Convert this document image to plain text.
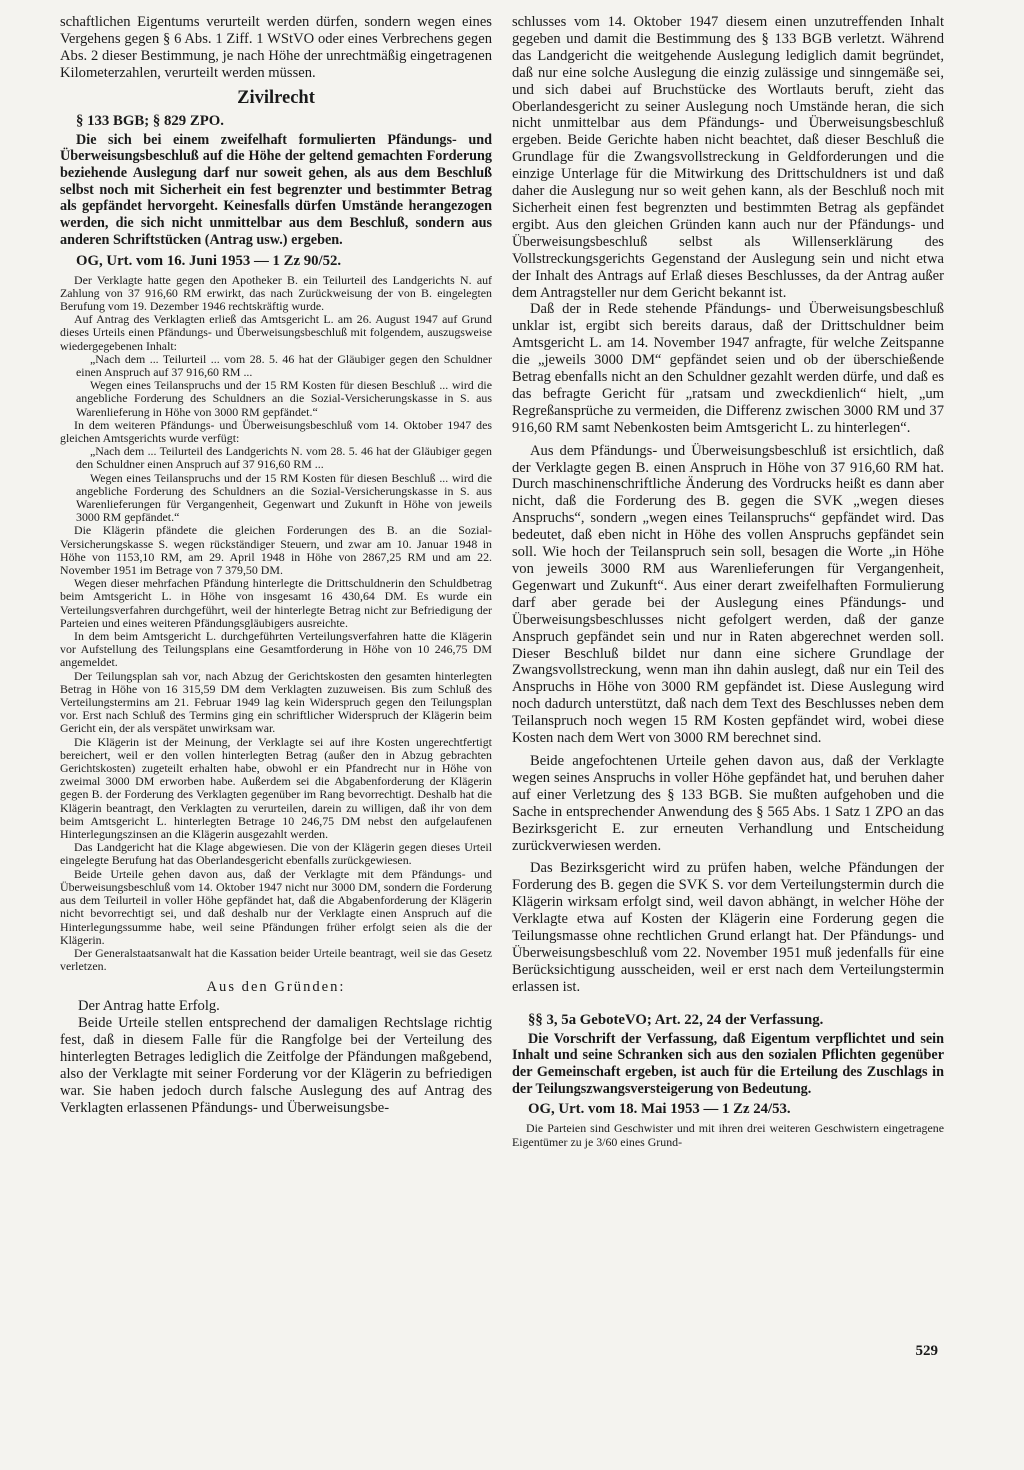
schaftlichen Eigentums verurteilt werden dürfen, sondern wegen eines Vergehens gegen § 6 Abs. 1 Ziff. 1 WStVO oder eines Verbrechens gegen Abs. 2 dieser Bestimmung, je nach Höhe der unrechtmäßig eingetragenen Kilometerzahlen, verurteilt werden müssen.

Zivilrecht
§ 133 BGB; § 829 ZPO.

Die sich bei einem zweifelhaft formulierten Pfändungs- und Überweisungsbeschluß auf die Höhe der geltend gemachten Forderung beziehende Auslegung darf nur soweit gehen, als aus dem Beschluß selbst noch mit Sicherheit ein fest begrenzter und bestimmter Betrag als gepfändet hervorgeht. Keinesfalls dürfen Umstände herangezogen werden, die sich nicht unmittelbar aus dem Beschluß, sondern aus anderen Schriftstücken (Antrag usw.) ergeben.

OG, Urt. vom 16. Juni 1953 — 1 Zz 90/52.

Der Verklagte hatte gegen den Apotheker B. ein Teilurteil des Landgerichts N. auf Zahlung von 37 916,60 RM erwirkt, das nach Zurückweisung der von B. eingelegten Berufung vom 19. Dezember 1946 rechtskräftig wurde.

Auf Antrag des Verklagten erließ das Amtsgericht L. am 26. August 1947 auf Grund dieses Urteils einen Pfändungs- und Überweisungsbeschluß mit folgendem, auszugsweise wiedergegebenen Inhalt:

„Nach dem ... Teilurteil ... vom 28. 5. 46 hat der Gläubiger gegen den Schuldner einen Anspruch auf 37 916,60 RM ...

Wegen eines Teilanspruchs und der 15 RM Kosten für diesen Beschluß ... wird die angebliche Forderung des Schuldners an die Sozial-Versicherungskasse in S. aus Warenlieferung in Höhe von 3000 RM gepfändet.“

In dem weiteren Pfändungs- und Überweisungsbeschluß vom 14. Oktober 1947 des gleichen Amtsgerichts wurde verfügt:

„Nach dem ... Teilurteil des Landgerichts N. vom 28. 5. 46 hat der Gläubiger gegen den Schuldner einen Anspruch auf 37 916,60 RM ...

Wegen eines Teilanspruchs und der 15 RM Kosten für diesen Beschluß ... wird die angebliche Forderung des Schuldners an die Sozial-Versicherungskasse in S. aus Warenlieferungen für Vergangenheit, Gegenwart und Zukunft in Höhe von jeweils 3000 RM gepfändet.“

Die Klägerin pfändete die gleichen Forderungen des B. an die Sozial-Versicherungskasse S. wegen rückständiger Steuern, und zwar am 10. Januar 1948 in Höhe von 1153,10 RM, am 29. April 1948 in Höhe von 2867,25 RM und am 22. November 1951 im Betrage von 7 379,50 DM.

Wegen dieser mehrfachen Pfändung hinterlegte die Drittschuldnerin den Schuldbetrag beim Amtsgericht L. in Höhe von insgesamt 16 430,64 DM. Es wurde ein Verteilungsverfahren durchgeführt, weil der hinterlegte Betrag nicht zur Befriedigung der Parteien und eines weiteren Pfändungsgläubigers ausreichte.

In dem beim Amtsgericht L. durchgeführten Verteilungsverfahren hatte die Klägerin vor Aufstellung des Teilungsplans eine Gesamtforderung in Höhe von 10 246,75 DM angemeldet.

Der Teilungsplan sah vor, nach Abzug der Gerichtskosten den gesamten hinterlegten Betrag in Höhe von 16 315,59 DM dem Verklagten zuzuweisen. Bis zum Schluß des Verteilungstermins am 21. Februar 1949 lag kein Widerspruch gegen den Teilungsplan vor. Erst nach Schluß des Termins ging ein schriftlicher Widerspruch der Klägerin beim Gericht ein, der als verspätet unwirksam war.

Die Klägerin ist der Meinung, der Verklagte sei auf ihre Kosten ungerechtfertigt bereichert, weil er den vollen hinterlegten Betrag (außer den in Abzug gebrachten Gerichtskosten) zugeteilt erhalten habe, obwohl er ein Pfandrecht nur in Höhe von zweimal 3000 DM erworben habe. Außerdem sei die Abgabenforderung der Klägerin gegen B. der Forderung des Verklagten gegenüber im Rang bevorrechtigt. Deshalb hat die Klägerin beantragt, den Verklagten zu verurteilen, darein zu willigen, daß ihr von dem beim Amtsgericht L. hinterlegten Betrage 10 246,75 DM nebst den aufgelaufenen Hinterlegungszinsen an die Klägerin ausgezahlt werden.

Das Landgericht hat die Klage abgewiesen. Die von der Klägerin gegen dieses Urteil eingelegte Berufung hat das Oberlandesgericht ebenfalls zurückgewiesen.

Beide Urteile gehen davon aus, daß der Verklagte mit dem Pfändungs- und Überweisungsbeschluß vom 14. Oktober 1947 nicht nur 3000 DM, sondern die Forderung aus dem Teilurteil in voller Höhe gepfändet hat, daß die Abgabenforderung der Klägerin nicht bevorrechtigt sei, und daß deshalb nur der Verklagte einen Anspruch auf die Hinterlegungssumme habe, weil seine Pfändungen früher erfolgt seien als die der Klägerin.

Der Generalstaatsanwalt hat die Kassation beider Urteile beantragt, weil sie das Gesetz verletzen.

Aus den Gründen:

Der Antrag hatte Erfolg.

Beide Urteile stellen entsprechend der damaligen Rechtslage richtig fest, daß in diesem Falle für die Rangfolge bei der Verteilung des hinterlegten Betrages lediglich die Zeitfolge der Pfändungen maßgebend, also der Verklagte mit seiner Forderung vor der Klägerin zu befriedigen war. Sie haben jedoch durch falsche Auslegung des auf Antrag des Verklagten erlassenen Pfändungs- und Überweisungsbe-

schlusses vom 14. Oktober 1947 diesem einen unzutreffenden Inhalt gegeben und damit die Bestimmung des § 133 BGB verletzt. Während das Landgericht die weitgehende Auslegung lediglich damit begründet, daß nur eine solche Auslegung die einzig zulässige und sinngemäße sei, und sich dabei auf Bruchstücke des Wortlauts beruft, zieht das Oberlandesgericht zu seiner Auslegung noch Umstände heran, die sich nicht unmittelbar aus dem Pfändungs- und Überweisungsbeschluß ergeben. Beide Gerichte haben nicht beachtet, daß dieser Beschluß die Grundlage für die Zwangsvollstreckung in Geldforderungen und die einzige Unterlage für die Mitwirkung des Drittschuldners ist und daß daher die Auslegung nur so weit gehen kann, als der Beschluß noch mit Sicherheit einen fest begrenzten und bestimmten Betrag als gepfändet ergibt. Aus den gleichen Gründen kann auch nur der Pfändungs- und Überweisungsbeschluß selbst als Willenserklärung des Vollstreckungsgerichts Gegenstand der Auslegung sein und nicht etwa der Inhalt des Antrags auf Erlaß dieses Beschlusses, da der Antrag außer dem Antragsteller nur dem Gericht bekannt ist.

Daß der in Rede stehende Pfändungs- und Überweisungsbeschluß unklar ist, ergibt sich bereits daraus, daß der Drittschuldner beim Amtsgericht L. am 14. November 1947 anfragte, für welche Zeitspanne die „jeweils 3000 DM“ gepfändet seien und ob der überschießende Betrag ebenfalls nicht an den Schuldner gezahlt werden dürfe, und daß es das befragte Gericht für „ratsam und zweckdienlich“ hielt, „um Regreßansprüche zu vermeiden, die Differenz zwischen 3000 RM und 37 916,60 RM samt Nebenkosten beim Amtsgericht L. zu hinterlegen“.

Aus dem Pfändungs- und Überweisungsbeschluß ist ersichtlich, daß der Verklagte gegen B. einen Anspruch in Höhe von 37 916,60 RM hat. Durch maschinenschriftliche Änderung des Vordrucks heißt es dann aber nicht, daß die Forderung des B. gegen die SVK „wegen dieses Anspruchs“, sondern „wegen eines Teilanspruchs“ gepfändet wird. Das bedeutet, daß eben nicht in Höhe des vollen Anspruchs gepfändet sein soll. Wie hoch der Teilanspruch sein soll, besagen die Worte „in Höhe von jeweils 3000 RM aus Warenlieferungen für Vergangenheit, Gegenwart und Zukunft“. Aus einer derart zweifelhaften Formulierung darf aber gerade bei der Auslegung eines Pfändungs- und Überweisungsbeschlusses nicht gefolgert werden, daß der ganze Anspruch gepfändet sein und nur in Raten abgerechnet werden soll. Dieser Beschluß bildet nur dann eine sichere Grundlage der Zwangsvollstreckung, wenn man ihn dahin auslegt, daß nur ein Teil des Anspruchs in Höhe von 3000 RM gepfändet ist. Diese Auslegung wird noch dadurch unterstützt, daß nach dem Text des Beschlusses neben dem Teilanspruch noch wegen 15 RM Kosten gepfändet wird, wobei diese Kosten nach dem Wert von 3000 RM berechnet sind.

Beide angefochtenen Urteile gehen davon aus, daß der Verklagte wegen seines Anspruchs in voller Höhe gepfändet hat, und beruhen daher auf einer Verletzung des § 133 BGB. Sie mußten aufgehoben und die Sache in entsprechender Anwendung des § 565 Abs. 1 Satz 1 ZPO an das Bezirksgericht E. zur erneuten Verhandlung und Entscheidung zurückverwiesen werden.

Das Bezirksgericht wird zu prüfen haben, welche Pfändungen der Forderung des B. gegen die SVK S. vor dem Verteilungstermin durch die Klägerin wirksam erfolgt sind, weil davon abhängt, in welcher Höhe der Verklagte etwa auf Kosten der Klägerin eine Forderung gegen die Teilungsmasse ohne rechtlichen Grund erlangt hat. Der Pfändungs- und Überweisungsbeschluß vom 22. November 1951 muß jedenfalls für eine Berücksichtigung ausscheiden, weil er erst nach dem Verteilungstermin erlassen ist.

§§ 3, 5a GeboteVO; Art. 22, 24 der Verfassung.

Die Vorschrift der Verfassung, daß Eigentum verpflichtet und sein Inhalt und seine Schranken sich aus den sozialen Pflichten gegenüber der Gemeinschaft ergeben, ist auch für die Erteilung des Zuschlags in der Teilungszwangsversteigerung von Bedeutung.

OG, Urt. vom 18. Mai 1953 — 1 Zz 24/53.

Die Parteien sind Geschwister und mit ihren drei weiteren Geschwistern eingetragene Eigentümer zu je 3/60 eines Grund-

529
